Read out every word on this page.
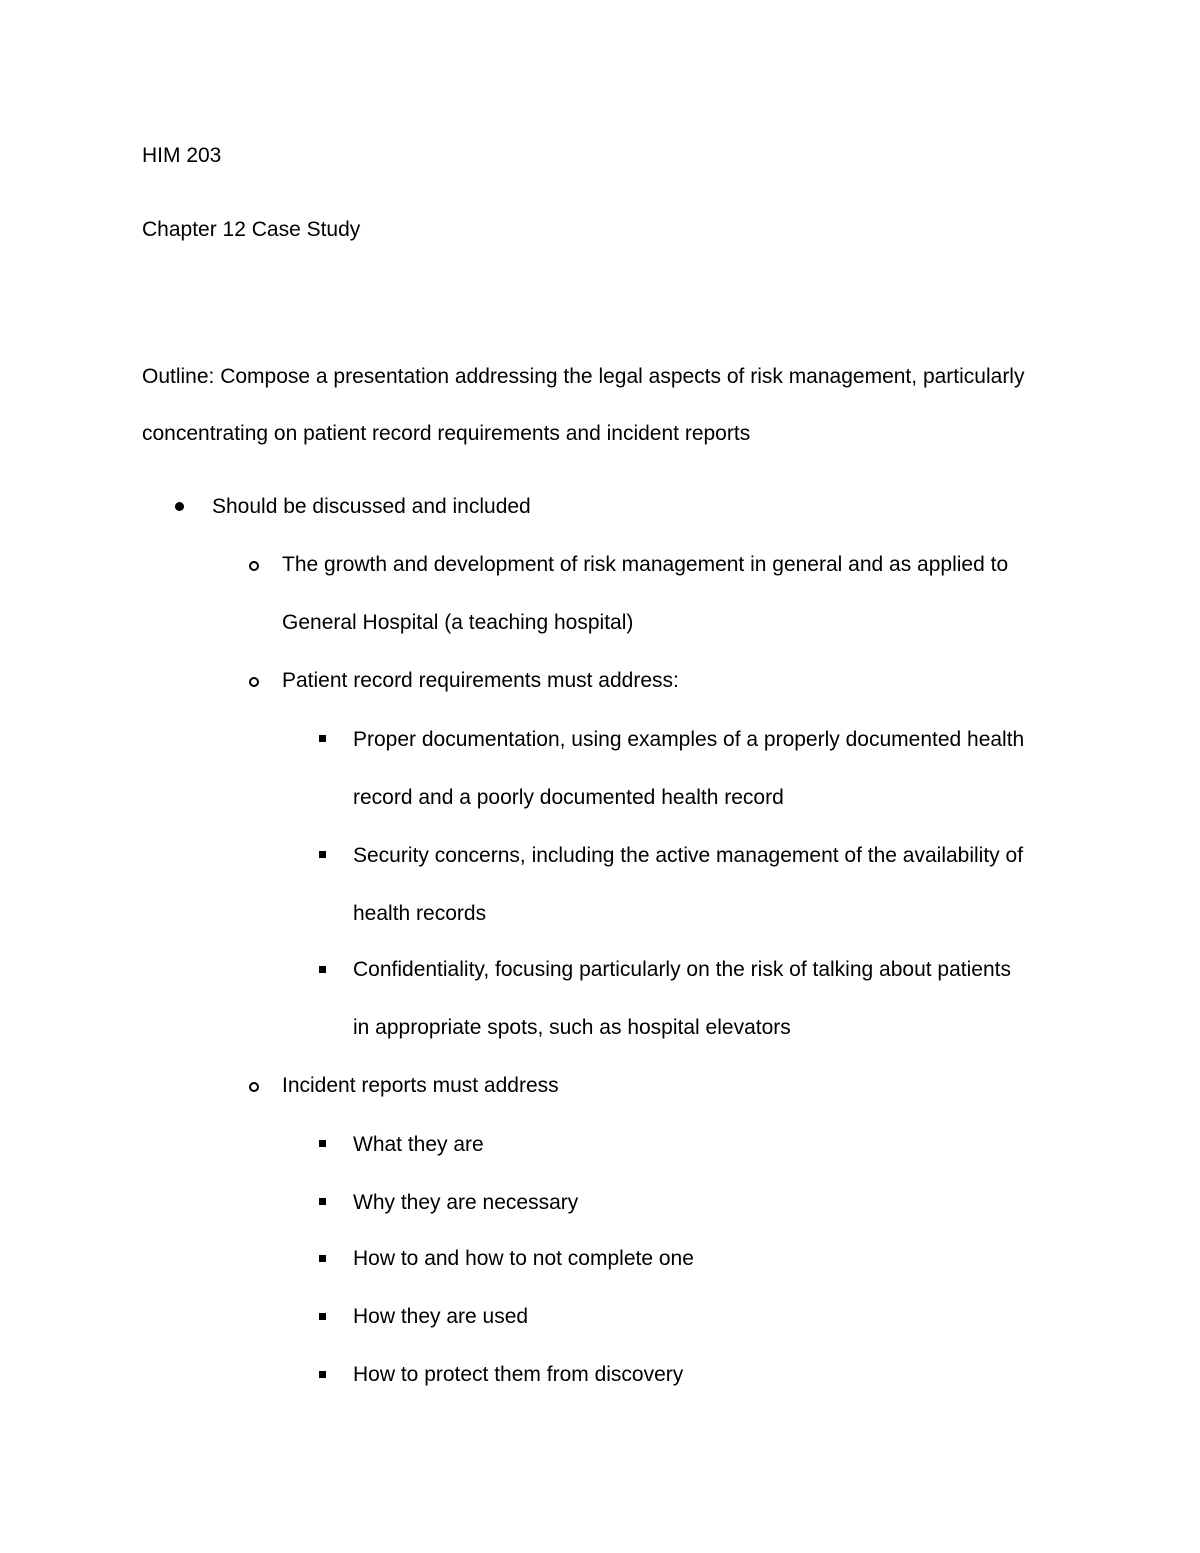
HIM 203
Chapter 12 Case Study
Outline: Compose a presentation addressing the legal aspects of risk management, particularly
concentrating on patient record requirements and incident reports
Should be discussed and included
The growth and development of risk management in general and as applied to
General Hospital (a teaching hospital)
Patient record requirements must address:
Proper documentation, using examples of a properly documented health
record and a poorly documented health record
Security concerns, including the active management of the availability of
health records
Confidentiality, focusing particularly on the risk of talking about patients
in appropriate spots, such as hospital elevators
Incident reports must address
What they are
Why they are necessary
How to and how to not complete one
How they are used
How to protect them from discovery
